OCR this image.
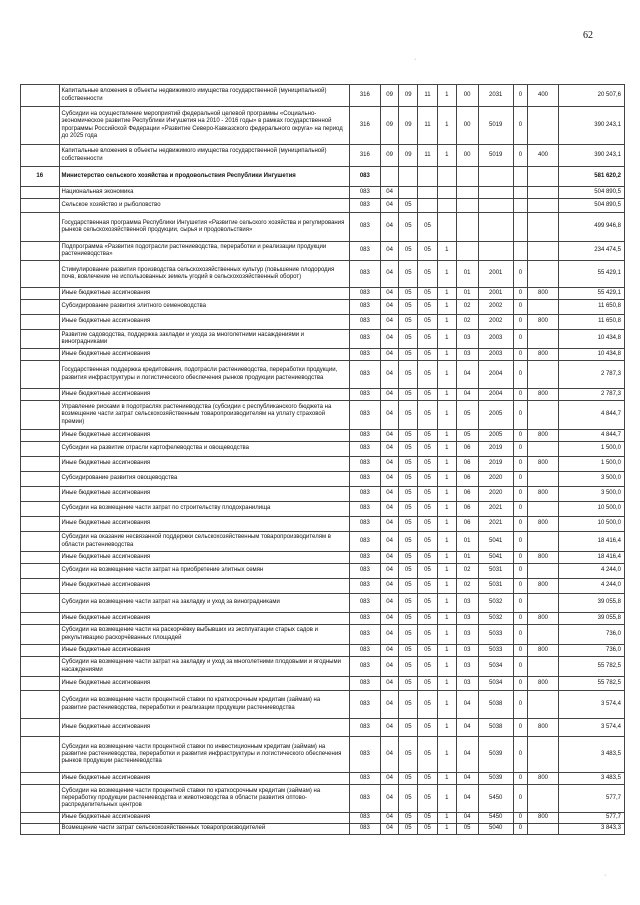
62
·
·
	Капитальные вложения в объекты недвижимого имущества государственной (муниципальной) собственности	316	09	09	11	1	00	2031	0	400	20 507,6
	Субсидии на осуществление мероприятий федеральной целевой программы «Социально-экономическое развитие Республики Ингушетия на 2010 - 2016 годы» в рамках государственной программы Российской Федерации «Развитие Северо-Кавказского федерального округа» на период до 2025 года	316	09	09	11	1	00	5019	0		390 243,1
	Капитальные вложения в объекты недвижимого имущества государственной (муниципальной) собственности	316	09	09	11	1	00	5019	0	400	390 243,1
16	Министерство сельского хозяйства и продовольствия Республики Ингушетия	083									581 620,2
	Национальная экономика	083	04								504 890,5
	Сельское хозяйство и рыболовство	083	04	05							504 890,5
	Государственная программа Республики Ингушетия «Развитие сельского хозяйства и регулирования рынков сельскохозяйственной продукции, сырья и продовольствия»	083	04	05	05						499 946,8
	Подпрограмма «Развития подотрасли растениеводства, переработки и реализации продукции растениеводства»	083	04	05	05	1					234 474,5
	Стимулирование развития производства сельскохозяйственных культур (повышение плодородия почв, вовлечение не использованных земель угодий в сельскохозяйственный оборот)	083	04	05	05	1	01	2001	0		55 429,1
	Иные бюджетные ассигнования	083	04	05	05	1	01	2001	0	800	55 429,1
	Субсидирование развития элитного семеноводства	083	04	05	05	1	02	2002	0		11 650,8
	Иные бюджетные ассигнования	083	04	05	05	1	02	2002	0	800	11 650,8
	Развитие садоводства, поддержка закладки и ухода за многолетними насаждениями и виноградниками	083	04	05	05	1	03	2003	0		10 434,8
	Иные бюджетные ассигнования	083	04	05	05	1	03	2003	0	800	10 434,8
	Государственная поддержка кредитования, подотрасли растениеводства, переработки продукции, развития инфраструктуры и логистического обеспечения рынков продукции растениеводства	083	04	05	05	1	04	2004	0		2 787,3
	Иные бюджетные ассигнования	083	04	05	05	1	04	2004	0	800	2 787,3
	Управление рисками в подотраслях растениеводства (субсидии с республиканского бюджета на возмещение части затрат сельскохозяйственным товаропроизводителям на уплату страховой премии)	083	04	05	05	1	05	2005	0		4 844,7
	Иные бюджетные ассигнования	083	04	05	05	1	05	2005	0	800	4 844,7
	Субсидии на развитие отрасли картофелеводства и овощеводства	083	04	05	05	1	06	2019	0		1 500,0
	Иные бюджетные ассигнования	083	04	05	05	1	06	2019	0	800	1 500,0
	Субсидирование развития овощеводства	083	04	05	05	1	06	2020	0		3 500,0
	Иные бюджетные ассигнования	083	04	05	05	1	06	2020	0	800	3 500,0
	Субсидии на возмещение части затрат по строительству плодохранилища	083	04	05	05	1	06	2021	0		10 500,0
	Иные бюджетные ассигнования	083	04	05	05	1	06	2021	0	800	10 500,0
	Субсидии на оказание несвязанной поддержки сельскохозяйственным товаропроизводителям в области растениеводства	083	04	05	05	1	01	5041	0		18 416,4
	Иные бюджетные ассигнования	083	04	05	05	1	01	5041	0	800	18 416,4
	Субсидии на возмещение части затрат на приобретение элитных семян	083	04	05	05	1	02	5031	0		4 244,0
	Иные бюджетные ассигнования	083	04	05	05	1	02	5031	0	800	4 244,0
	Субсидии на возмещение части затрат на закладку и уход за виноградниками	083	04	05	05	1	03	5032	0		39 055,8
	Иные бюджетные ассигнования	083	04	05	05	1	03	5032	0	800	39 055,8
	Субсидии на возмещение части на раскорчёвку выбывших из эксплуатации старых садов и рекультивацию раскорчёванных площадей	083	04	05	05	1	03	5033	0		736,0
	Иные бюджетные ассигнования	083	04	05	05	1	03	5033	0	800	736,0
	Субсидии на возмещение части затрат на закладку и уход за многолетними плодовыми и ягодными насаждениями	083	04	05	05	1	03	5034	0		55 782,5
	Иные бюджетные ассигнования	083	04	05	05	1	03	5034	0	800	55 782,5
	Субсидии на возмещение части процентной ставки по краткосрочным кредитам (займам) на развитие растениеводства, переработки и реализации продукции растениеводства	083	04	05	05	1	04	5038	0		3 574,4
	Иные бюджетные ассигнования	083	04	05	05	1	04	5038	0	800	3 574,4
	Субсидии на возмещение части процентной ставки по инвестиционным кредитам (займам) на развитие растениеводства, переработки и развития инфраструктуры и логистического обеспечения рынков продукции растениеводства	083	04	05	05	1	04	5039	0		3 483,5
	Иные бюджетные ассигнования	083	04	05	05	1	04	5039	0	800	3 483,5
	Субсидии на возмещение части процентной ставки по краткосрочным кредитам (займам) на переработку продукции растениеводства и животноводства в области развития оптово-распределительных центров	083	04	05	05	1	04	5450	0		577,7
	Иные бюджетные ассигнования	083	04	05	05	1	04	5450	0	800	577,7
	Возмещение части затрат сельскохозяйственных товаропроизводителей	083	04	05	05	1	05	5040	0		3 843,3
